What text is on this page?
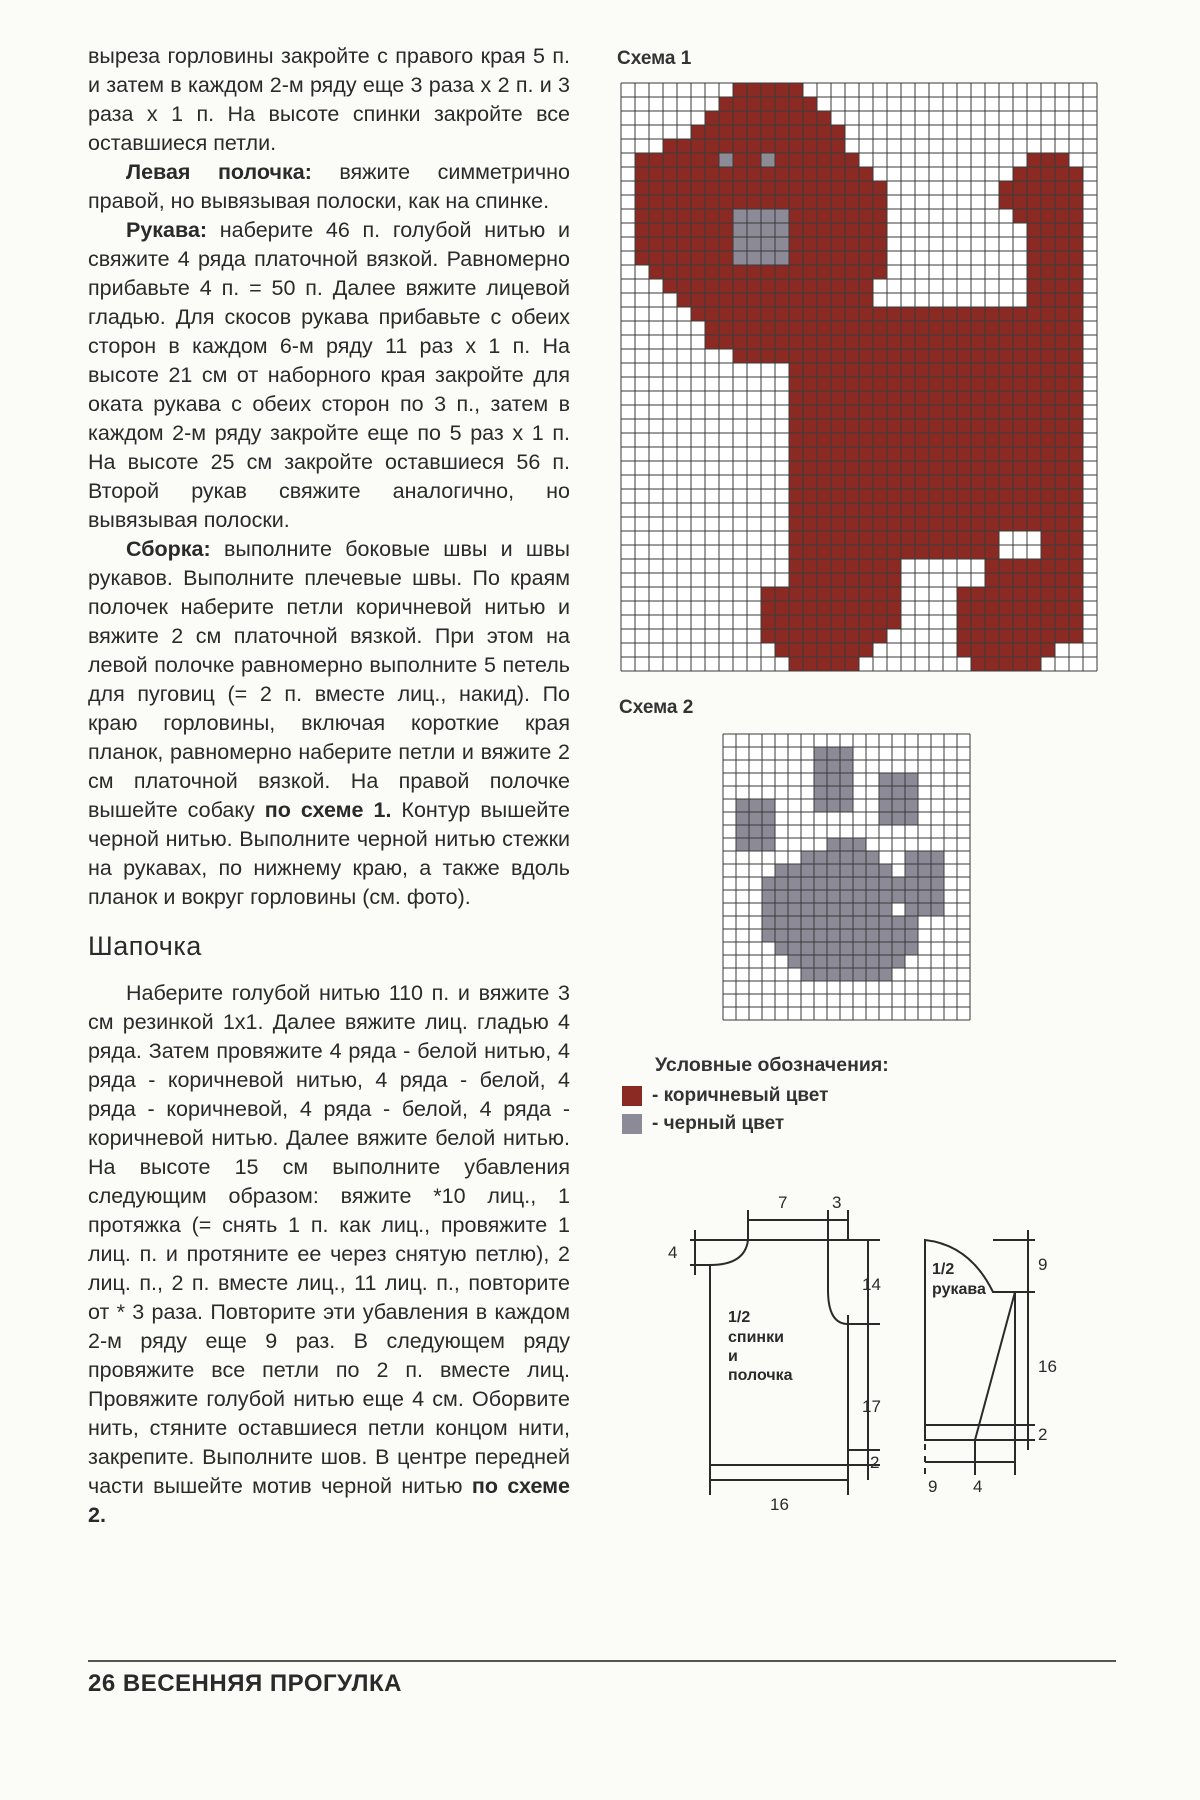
выреза горловины закройте с правого края 5 п. и затем в каждом 2-м ряду еще 3 раза х 2 п. и 3 раза х 1 п. На высоте спинки закройте все оставшиеся петли.

Левая полочка: вяжите симметрично правой, но вывязывая полоски, как на спинке.

Рукава: наберите 46 п. голубой нитью и свяжите 4 ряда платочной вязкой. Равномерно прибавьте 4 п. = 50 п. Далее вяжите лицевой гладью. Для скосов рукава прибавьте с обеих сторон в каждом 6-м ряду 11 раз х 1 п. На высоте 21 см от наборного края закройте для оката рукава с обеих сторон по 3 п., затем в каждом 2-м ряду закройте еще по 5 раз х 1 п. На высоте 25 см закройте оставшиеся 56 п. Второй рукав свяжите аналогично, но вывязывая полоски.

Сборка: выполните боковые швы и швы рукавов. Выполните плечевые швы. По краям полочек наберите петли коричневой нитью и вяжите 2 см платочной вязкой. При этом на левой полочке равномерно выполните 5 петель для пуговиц (= 2 п. вместе лиц., накид). По краю горловины, включая короткие края планок, равномерно наберите петли и вяжите 2 см платочной вязкой. На правой полочке вышейте собаку по схеме 1. Контур вышейте черной нитью. Выполните черной нитью стежки на рукавах, по нижнему краю, а также вдоль планок и вокруг горловины (см. фото).

Шапочка

Наберите голубой нитью 110 п. и вяжите 3 см резинкой 1х1. Далее вяжите лиц. гладью 4 ряда. Затем провяжите 4 ряда - белой нитью, 4 ряда - коричневой нитью, 4 ряда - белой, 4 ряда - коричневой, 4 ряда - белой, 4 ряда - коричневой нитью. Далее вяжите белой нитью. На высоте 15 см выполните убавления следующим образом: вяжите *10 лиц., 1 протяжка (= снять 1 п. как лиц., провяжите 1 лиц. п. и протяните ее через снятую петлю), 2 лиц. п., 2 п. вместе лиц., 11 лиц. п., повторите от * 3 раза. Повторите эти убавления в каждом 2-м ряду еще 9 раз. В следующем ряду провяжите все петли по 2 п. вместе лиц. Провяжите голубой нитью еще 4 см. Оборвите нить, стяните оставшиеся петли концом нити, закрепите. Выполните шов. В центре передней части вышейте мотив черной нитью по схеме 2.

Схема 1
Схема 2
Условные обозначения:
- коричневый цвет
- черный цвет
7	3
4
14
17
2
16
9
16
2
9 4
1/2
спинки
и
полочка
1/2
рукава
26 ВЕСЕННЯЯ ПРОГУЛКА
